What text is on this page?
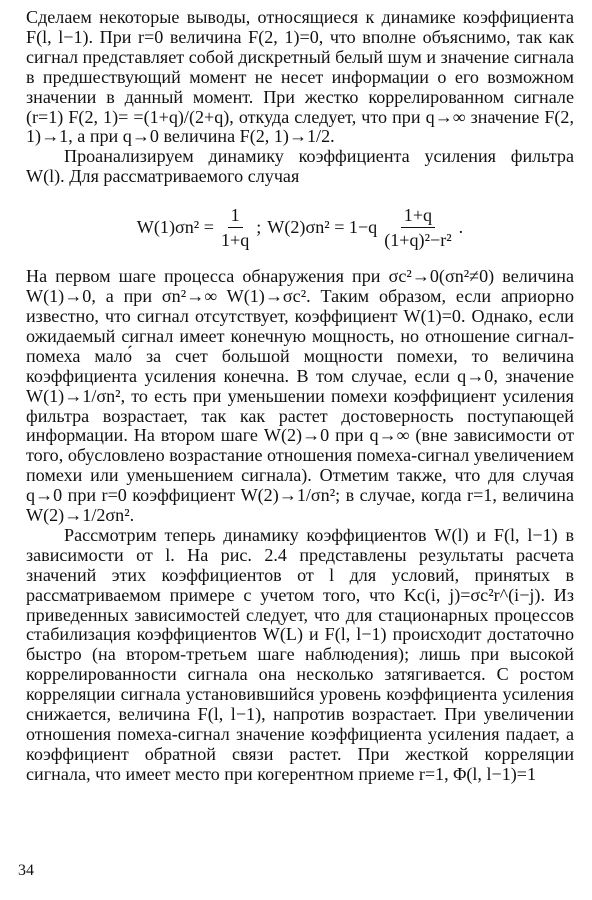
Сделаем некоторые выводы, относящиеся к динамике коэффициента F(l, l−1). При r=0 величина F(2, 1)=0, что вполне объяснимо, так как сигнал представляет собой дискретный белый шум и значение сигнала в предшествующий момент не несет информации о его возможном значении в данный момент. При жестко коррелированном сигнале (r=1) F(2, 1)= =(1+q)/(2+q), откуда следует, что при q→∞ значение F(2, 1)→1, а при q→0 величина F(2, 1)→1/2.

Проанализируем динамику коэффициента усиления фильтра W(l). Для рассматриваемого случая

$W(1)\sigma n^2 = \frac{1}{1+q}$ ; $W(2)\sigma n^2 = 1-q \frac{1+q}{\text{(1+q)²−r²}}$ .

На первом шаге процесса обнаружения при σc²→0(σn²≠0) величина W(1)→0, а при σn²→∞ W(1)→σc². Таким образом, если априорно известно, что сигнал отсутствует, коэффициент W(1)=0. Однако, если ожидаемый сигнал имеет конечную мощность, но отношение сигнал-помеха мало́ за счет большой мощности помехи, то величина коэффициента усиления конечна. В том случае, если q→0, значение W(1)→1/σn², то есть при уменьшении помехи коэффициент усиления фильтра возрастает, так как растет достоверность поступающей информации. На втором шаге W(2)→0 при q→∞ (вне зависимости от того, обусловлено возрастание отношения помеха-сигнал увеличением помехи или уменьшением сигнала). Отметим также, что для случая q→0 при r=0 коэффициент W(2)→1/σn²; в случае, когда r=1, величина W(2)→1/2σn².

Рассмотрим теперь динамику коэффициентов W(l) и F(l, l−1) в зависимости от l. На рис. 2.4 представлены результаты расчета значений этих коэффициентов от l для условий, принятых в рассматриваемом примере с учетом того, что Kc(i, j)=σc²r^(i−j). Из приведенных зависимостей следует, что для стационарных процессов стабилизация коэффициентов W(L) и F(l, l−1) происходит достаточно быстро (на втором-третьем шаге наблюдения); лишь при высокой коррелированности сигнала она несколько затягивается. С ростом корреляции сигнала установившийся уровень коэффициента усиления снижается, величина F(l, l−1), напротив возрастает. При увеличении отношения помеха-сигнал значение коэффициента усиления падает, а коэффициент обратной связи растет. При жесткой корреляции сигнала, что имеет место при когерентном приеме r=1, Φ(l, l−1)=1

34
